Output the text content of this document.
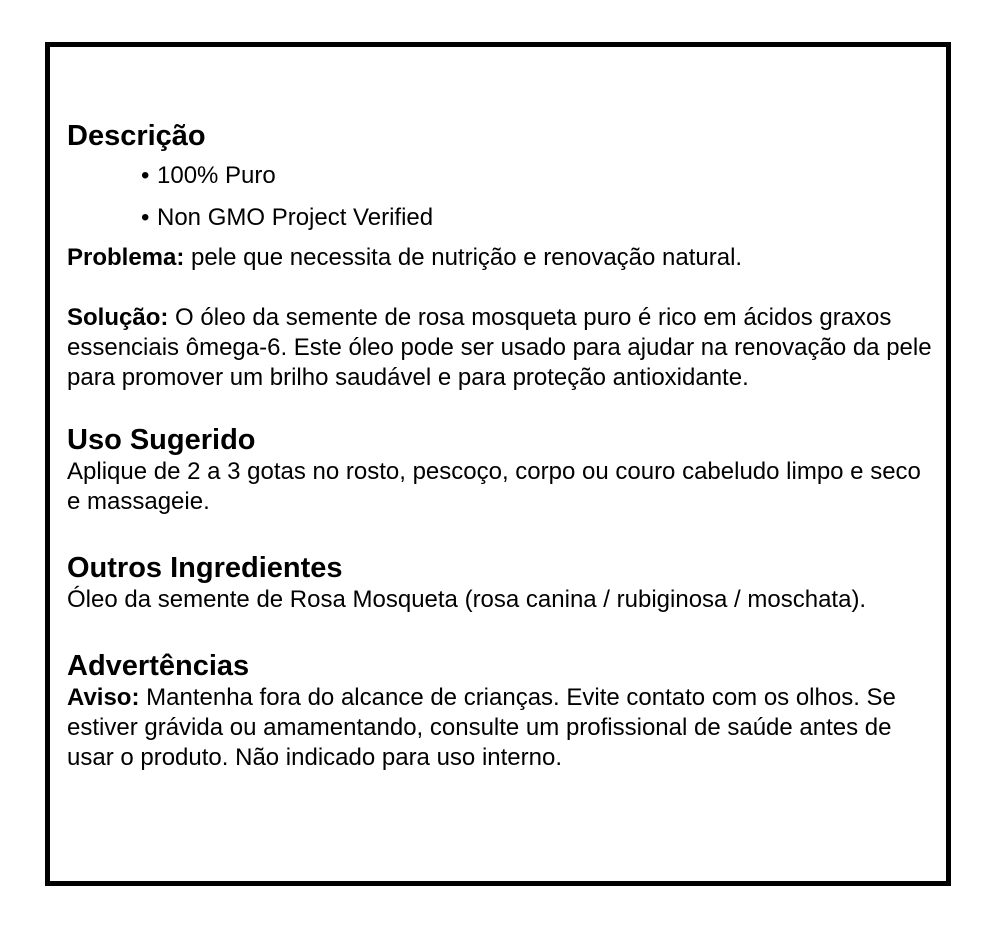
Descrição
• 100% Puro
• Non GMO Project Verified

Problema: pele que necessita de nutrição e renovação natural.

Solução: O óleo da semente de rosa mosqueta puro é rico em ácidos graxos essenciais ômega-6. Este óleo pode ser usado para ajudar na renovação da pele para promover um brilho saudável e para proteção antioxidante.

Uso Sugerido

Aplique de 2 a 3 gotas no rosto, pescoço, corpo ou couro cabeludo limpo e seco e massageie.

Outros Ingredientes

Óleo da semente de Rosa Mosqueta (rosa canina / rubiginosa / moschata).

Advertências

Aviso: Mantenha fora do alcance de crianças. Evite contato com os olhos. Se estiver grávida ou amamentando, consulte um profissional de saúde antes de usar o produto. Não indicado para uso interno.
